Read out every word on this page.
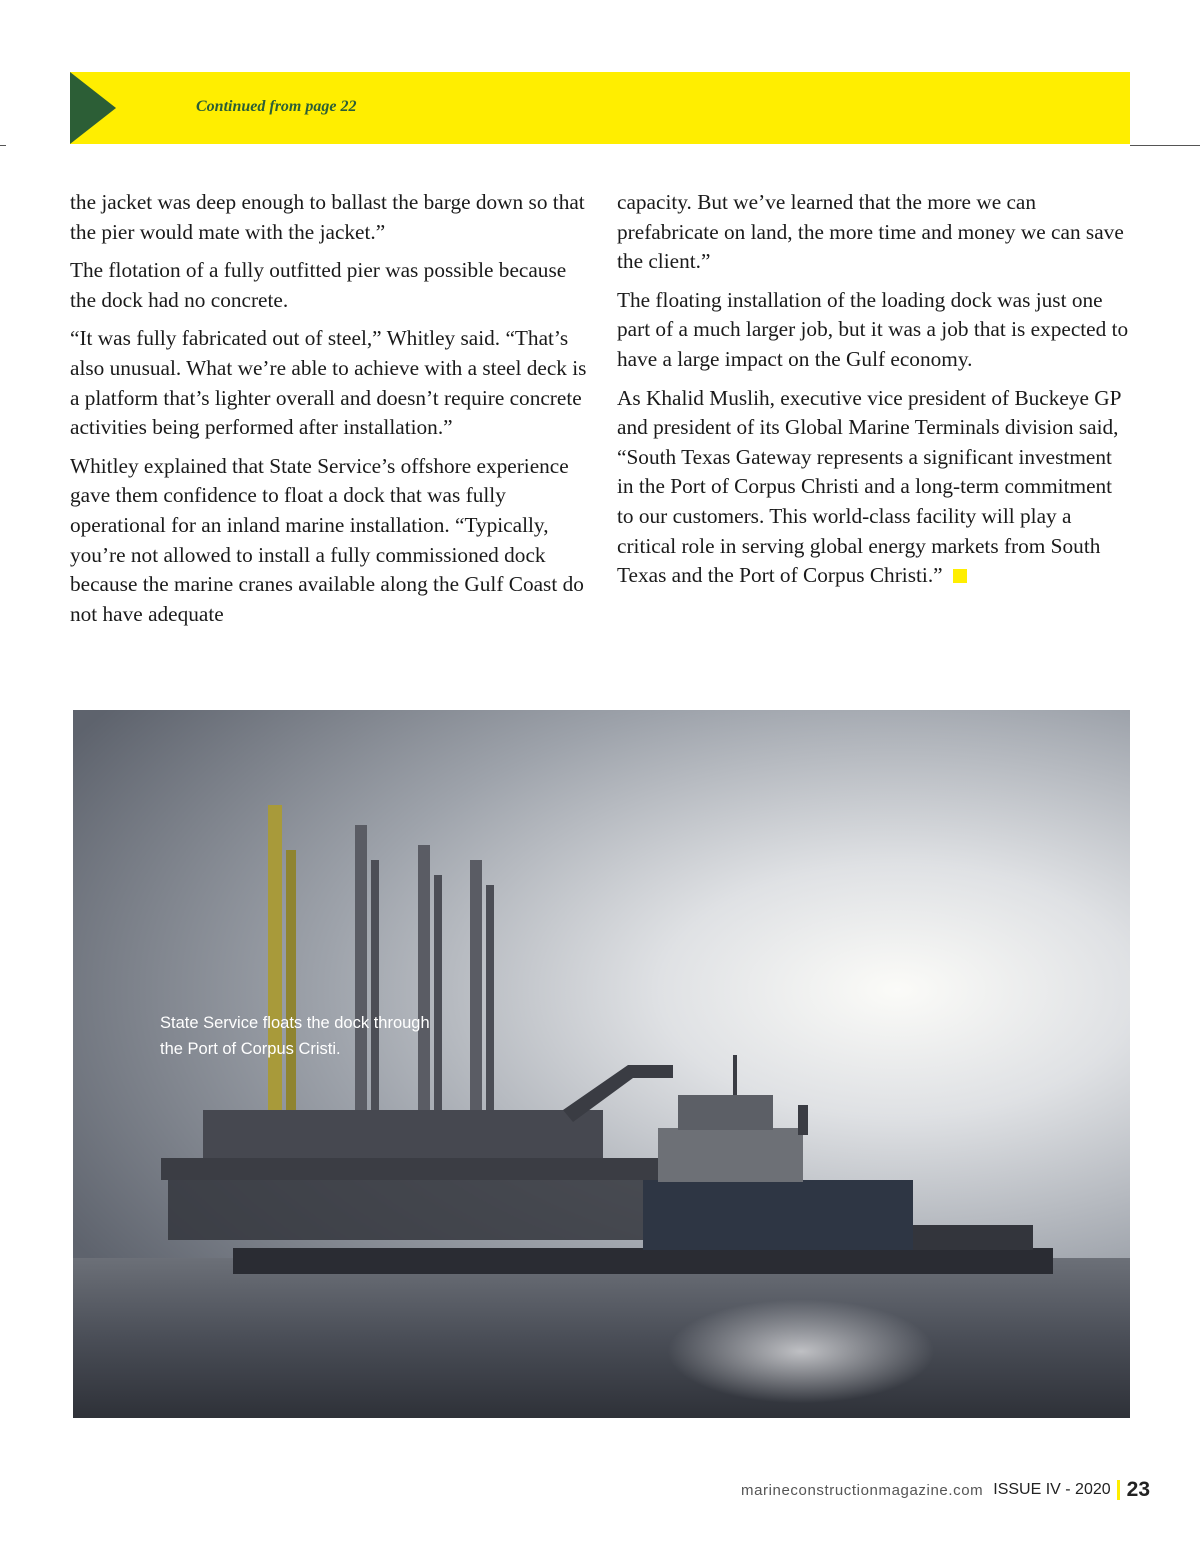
Continued from page 22

the jacket was deep enough to ballast the barge down so that the pier would mate with the jacket.”

The flotation of a fully outfitted pier was possible because the dock had no concrete.

“It was fully fabricated out of steel,” Whitley said. “That’s also unusual. What we’re able to achieve with a steel deck is a platform that’s lighter overall and doesn’t require concrete activities being performed after installation.”

Whitley explained that State Service’s offshore experience gave them confidence to float a dock that was fully operational for an inland marine installation. “Typically, you’re not allowed to install a fully commissioned dock because the marine cranes available along the Gulf Coast do not have adequate

capacity. But we’ve learned that the more we can prefabricate on land, the more time and money we can save the client.”

The floating installation of the loading dock was just one part of a much larger job, but it was a job that is expected to have a large impact on the Gulf economy.

As Khalid Muslih, executive vice president of Buckeye GP and president of its Global Marine Terminals division said, “South Texas Gateway represents a significant investment in the Port of Corpus Christi and a long-term commitment to our customers. This world-class facility will play a critical role in serving global energy markets from South Texas and the Port of Corpus Christi.”

State Service floats the dock through
the Port of Corpus Cristi.
marineconstructionmagazine.com ISSUE IV - 2020 23
